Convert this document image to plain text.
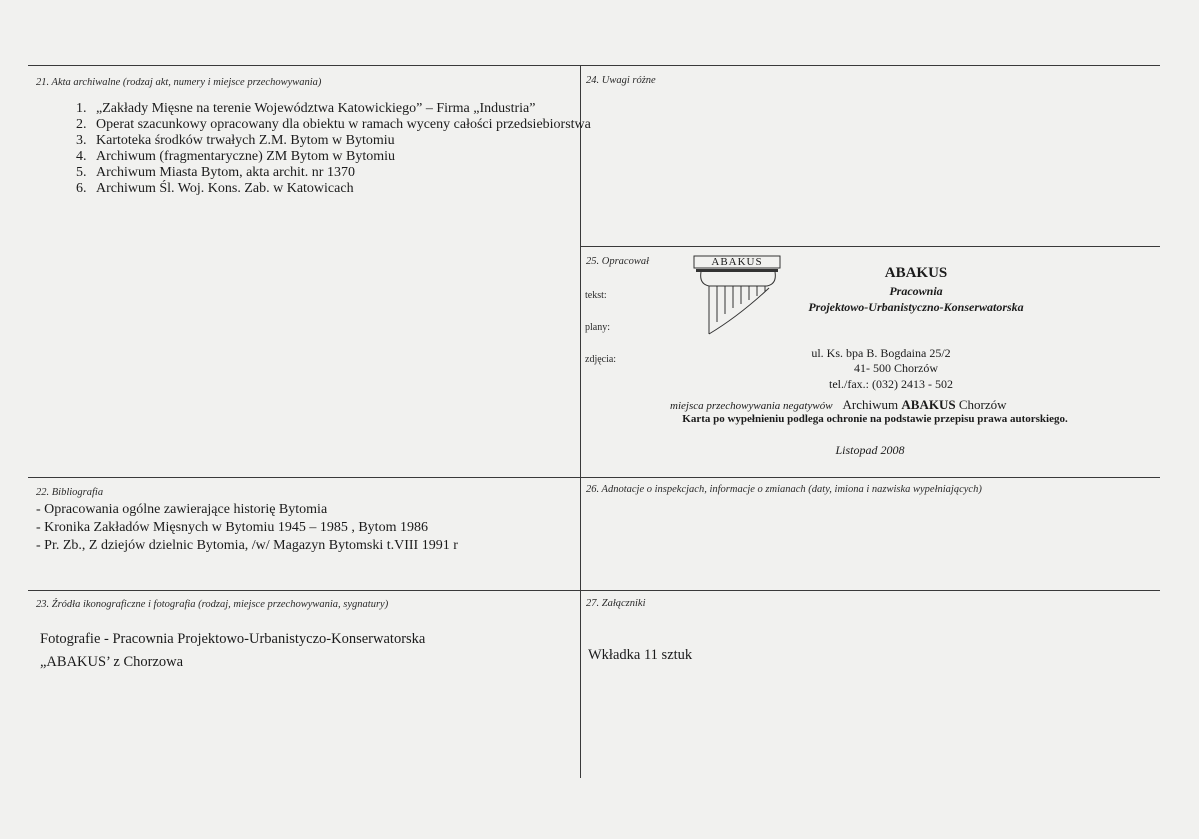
21. Akta archiwalne (rodzaj akt, numery i miejsce przechowywania)
1. „Zakłady Mięsne na terenie Województwa Katowickiego” – Firma „Industria”
2. Operat szacunkowy opracowany dla obiektu w ramach wyceny całości przedsiebiorstwa
3. Kartoteka środków trwałych Z.M. Bytom w Bytomiu
4. Archiwum (fragmentaryczne) ZM Bytom w Bytomiu
5. Archiwum Miasta Bytom, akta archit. nr 1370
6. Archiwum Śl. Woj. Kons. Zab. w Katowicach
24. Uwagi różne
25. Opracował
tekst:
plany:
zdjęcia:
ABAKUS
ABAKUS
Pracownia
Projektowo-Urbanistyczno-Konserwatorska
ul. Ks. bpa B. Bogdaina 25/2
41- 500 Chorzów
tel./fax.: (032) 2413 - 502
miejsca przechowywania negatywów Archiwum ABAKUS Chorzów
Karta po wypełnieniu podlega ochronie na podstawie przepisu prawa autorskiego.
Listopad 2008
22. Bibliografia
- Opracowania ogólne zawierające historię Bytomia
- Kronika Zakładów Mięsnych w Bytomiu 1945 – 1985 , Bytom 1986
- Pr. Zb., Z dziejów dzielnic Bytomia, /w/ Magazyn Bytomski t.VIII 1991 r
26. Adnotacje o inspekcjach, informacje o zmianach (daty, imiona i nazwiska wypełniających)
23. Źródła ikonograficzne i fotografia (rodzaj, miejsce przechowywania, sygnatury)
Fotografie - Pracownia Projektowo-Urbanistyczo-Konserwatorska
„ABAKUS’ z Chorzowa
27. Załączniki
Wkładka 11 sztuk
